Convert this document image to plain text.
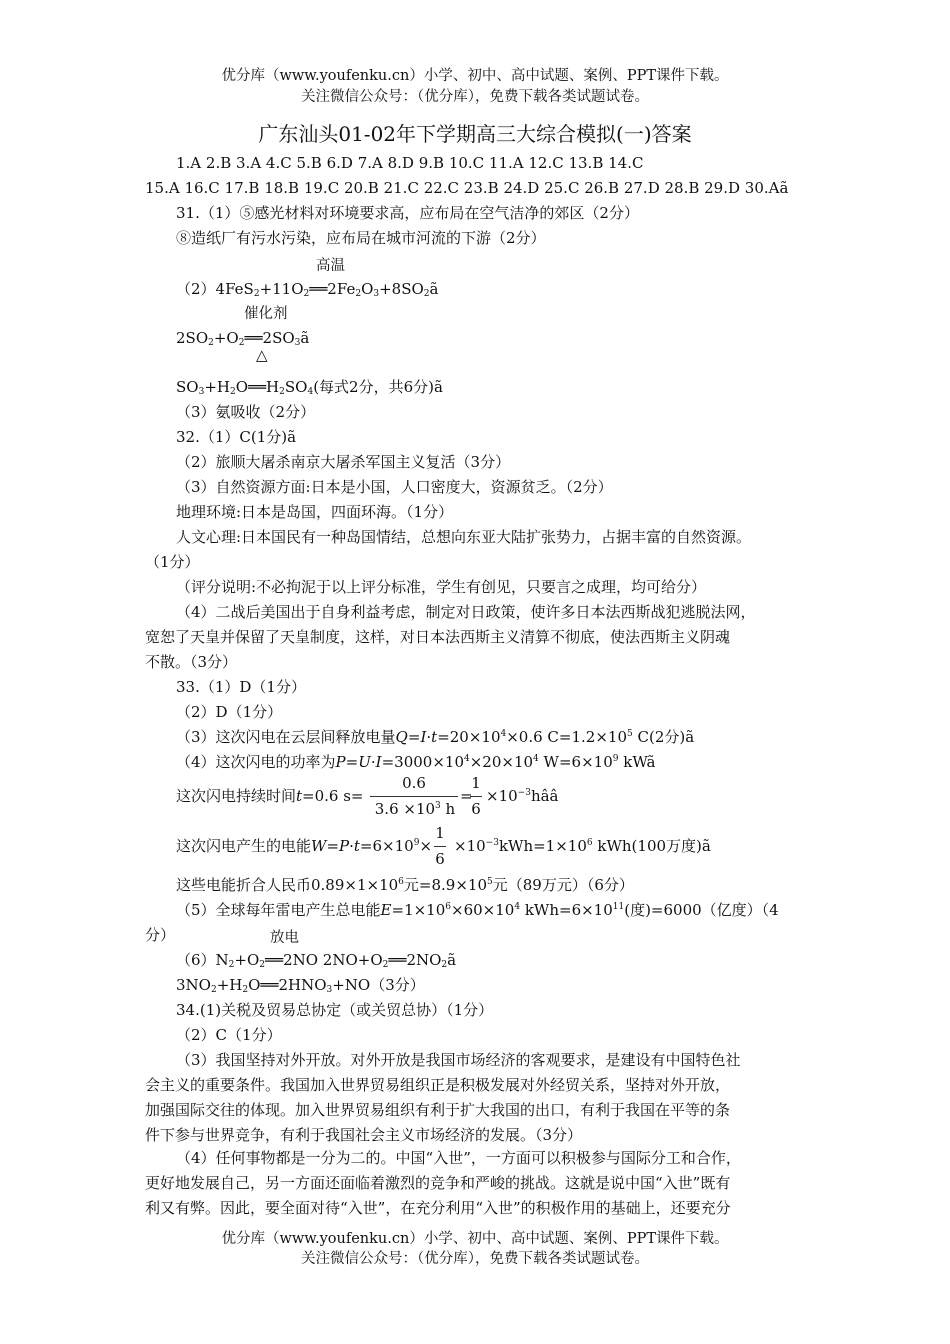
优分库（www.youfenku.cn）小学、初中、高中试题、案例、PPT课件下载。
关注微信公众号：（优分库），免费下载各类试题试卷。
广东汕头01-02年下学期高三大综合模拟(一)答案
1.A 2.B 3.A 4.C 5.B 6.D 7.A 8.D 9.B 10.C 11.A 12.C 13.B 14.C
15.A 16.C 17.B 18.B 19.C 20.B 21.C 22.C 23.B 24.D 25.C 26.B 27.D 28.B 29.D 30.Aã
31.（1）⑤感光材料对环境要求高，应布局在空气洁净的郊区（2分）
⑧造纸厂有污水污染，应布局在城市河流的下游（2分）
高温
$(2)4FeS_2+11O_2══2Fe_2O_3+8SO_2ã$
催化剂
$2SO_2+O_2══2SO_3ã$
△
$SO_3+H_2O══H_2SO_4$(每式2分，共6分)ã
（3）氨吸收（2分）
32.（1）C(1分)ã
（2）旅顺大屠杀南京大屠杀军国主义复活（3分）
（3）自然资源方面:日本是小国，人口密度大，资源贫乏。（2分）
地理环境:日本是岛国，四面环海。（1分）
人文心理:日本国民有一种岛国情结，总想向东亚大陆扩张势力，占据丰富的自然资源。
（1分）
（评分说明:不必拘泥于以上评分标准，学生有创见，只要言之成理，均可给分）
（4）二战后美国出于自身利益考虑，制定对日政策，使许多日本法西斯战犯逃脱法网，
宽恕了天皇并保留了天皇制度，这样，对日本法西斯主义清算不彻底，使法西斯主义阴魂
不散。（3分）
33.（1）D（1分）
（2）D（1分）
（3）这次闪电在云层间释放电量$Q=I\cdot t=20\times 10^4\times 0.6$ $C=1.2\times 10^5$ C(2分)ã
（4）这次闪电的功率为$P=U\cdot I=3000\times 10^4\times 20\times 10^4$ $W=6\times 10^9$ kWã
这次闪电持续时间t=0.6 s=
0.6
$3.6 \times 10^3$ h
=
1
6
$\times 10^{-3}hââ$
这次闪电产生的电能$W=P\cdot t=6\times 10^9\times$
1
6
$\times 10^{-3}kWh=1\times 10^6$ kWh(100万度)ã
这些电能折合人民币$0.89\times 1\times 10^6$元$=8.9\times 10^5$元（89万元）（6分）
（5）全球每年雷电产生总电能$E=1\times 10^6\times 60\times 10^4$ $kWh=6\times 10^{11}$(度)=6000（亿度）（4
分）	放电
$(6)N_2+O_2══2NO$ $2NO+O_2══2NO_2ã$
$3NO_2+H_2O══2HNO_3+NO(3$分）
34.(1)关税及贸易总协定（或关贸总协）（1分）
（2）C（1分）
（3）我国坚持对外开放。对外开放是我国市场经济的客观要求，是建设有中国特色社
会主义的重要条件。我国加入世界贸易组织正是积极发展对外经贸关系，坚持对外开放，
加强国际交往的体现。加入世界贸易组织有利于扩大我国的出口，有利于我国在平等的条
件下参与世界竞争，有利于我国社会主义市场经济的发展。（3分）
（4）任何事物都是一分为二的。中国“入世”，一方面可以积极参与国际分工和合作，
更好地发展自己，另一方面还面临着激烈的竞争和严峻的挑战。这就是说中国“入世”既有
利又有弊。因此，要全面对待“入世”，在充分利用“入世”的积极作用的基础上，还要充分
优分库（www.youfenku.cn）小学、初中、高中试题、案例、PPT课件下载。
关注微信公众号：（优分库），免费下载各类试题试卷。
